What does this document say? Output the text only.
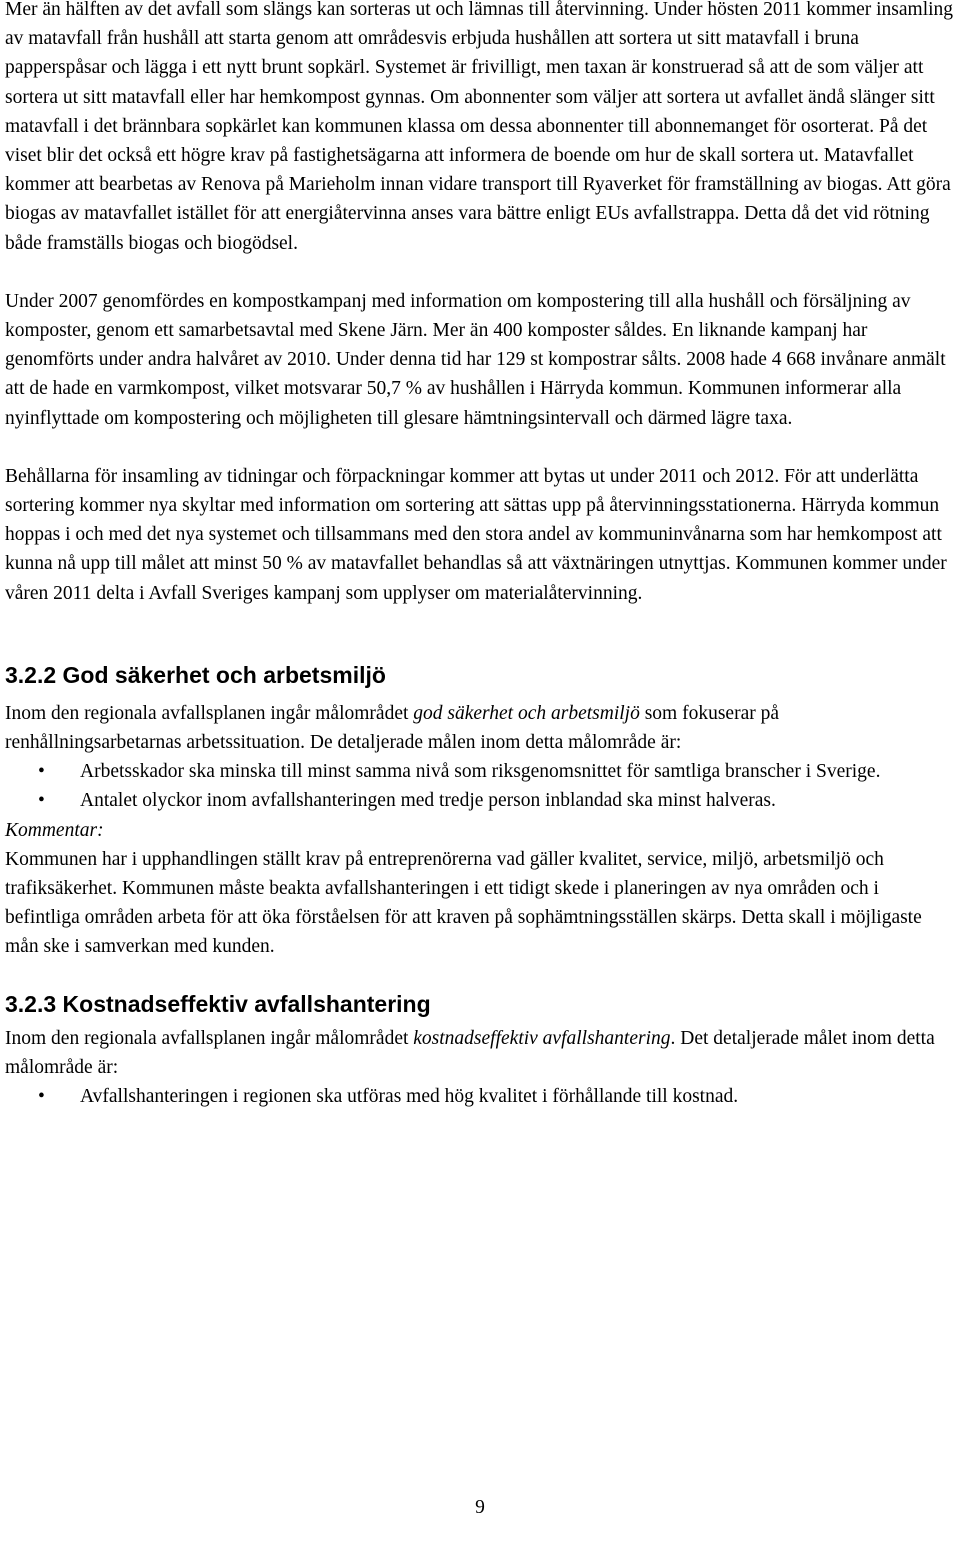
Mer än hälften av det avfall som slängs kan sorteras ut och lämnas till återvinning. Under hösten 2011 kommer insamling av matavfall från hushåll att starta genom att områdesvis erbjuda hushållen att sortera ut sitt matavfall i bruna papperspåsar och lägga i ett nytt brunt sopkärl. Systemet är frivilligt, men taxan är konstruerad så att de som väljer att sortera ut sitt matavfall eller har hemkompost gynnas. Om abonnenter som väljer att sortera ut avfallet ändå slänger sitt matavfall i det brännbara sopkärlet kan kommunen klassa om dessa abonnenter till abonnemanget för osorterat. På det viset blir det också ett högre krav på fastighetsägarna att informera de boende om hur de skall sortera ut. Matavfallet kommer att bearbetas av Renova på Marieholm innan vidare transport till Ryaverket för framställning av biogas. Att göra biogas av matavfallet istället för att energiåtervinna anses vara bättre enligt EUs avfallstrappa. Detta då det vid rötning både framställs biogas och biogödsel.

Under 2007 genomfördes en kompostkampanj med information om kompostering till alla hushåll och försäljning av komposter, genom ett samarbetsavtal med Skene Järn. Mer än 400 komposter såldes. En liknande kampanj har genomförts under andra halvåret av 2010. Under denna tid har 129 st kompostrar sålts. 2008 hade 4 668 invånare anmält att de hade en varmkompost, vilket motsvarar 50,7 % av hushållen i Härryda kommun. Kommunen informerar alla nyinflyttade om kompostering och möjligheten till glesare hämtningsintervall och därmed lägre taxa.

Behållarna för insamling av tidningar och förpackningar kommer att bytas ut under 2011 och 2012. För att underlätta sortering kommer nya skyltar med information om sortering att sättas upp på återvinningsstationerna. Härryda kommun hoppas i och med det nya systemet och tillsammans med den stora andel av kommuninvånarna som har hemkompost att kunna nå upp till målet att minst 50 % av matavfallet behandlas så att växtnäringen utnyttjas. Kommunen kommer under våren 2011 delta i Avfall Sveriges kampanj som upplyser om materialåtervinning.

3.2.2 God säkerhet och arbetsmiljö

Inom den regionala avfallsplanen ingår målområdet god säkerhet och arbetsmiljö som fokuserar på renhållningsarbetarnas arbetssituation. De detaljerade målen inom detta målområde är:

• Arbetsskador ska minska till minst samma nivå som riksgenomsnittet för samtliga branscher i Sverige.
• Antalet olyckor inom avfallshanteringen med tredje person inblandad ska minst halveras.

Kommentar:

Kommunen har i upphandlingen ställt krav på entreprenörerna vad gäller kvalitet, service, miljö, arbetsmiljö och trafiksäkerhet. Kommunen måste beakta avfallshanteringen i ett tidigt skede i planeringen av nya områden och i befintliga områden arbeta för att öka förståelsen för att kraven på sophämtningsställen skärps. Detta skall i möjligaste mån ske i samverkan med kunden.

3.2.3 Kostnadseffektiv avfallshantering

Inom den regionala avfallsplanen ingår målområdet kostnadseffektiv avfallshantering. Det detaljerade målet inom detta målområde är:

• Avfallshanteringen i regionen ska utföras med hög kvalitet i förhållande till kostnad.
9
